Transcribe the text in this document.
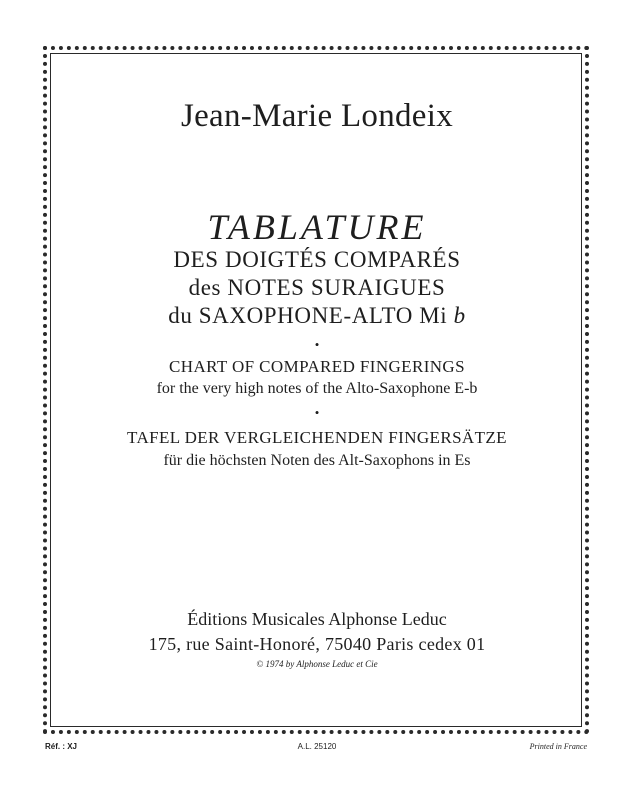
Jean-Marie Londeix
TABLATURE
DES DOIGTÉS COMPARÉS
des NOTES SURAIGUES
du SAXOPHONE-ALTO Mi b
•
CHART OF COMPARED FINGERINGS
for the very high notes of the Alto-Saxophone E-b
•
TAFEL DER VERGLEICHENDEN FINGERSÄTZE
für die höchsten Noten des Alt-Saxophons in Es
Éditions Musicales Alphonse Leduc
175, rue Saint-Honoré, 75040 Paris cedex 01
© 1974 by Alphonse Leduc et Cie
Réf. : XJ	A.L. 25120	Printed in France
